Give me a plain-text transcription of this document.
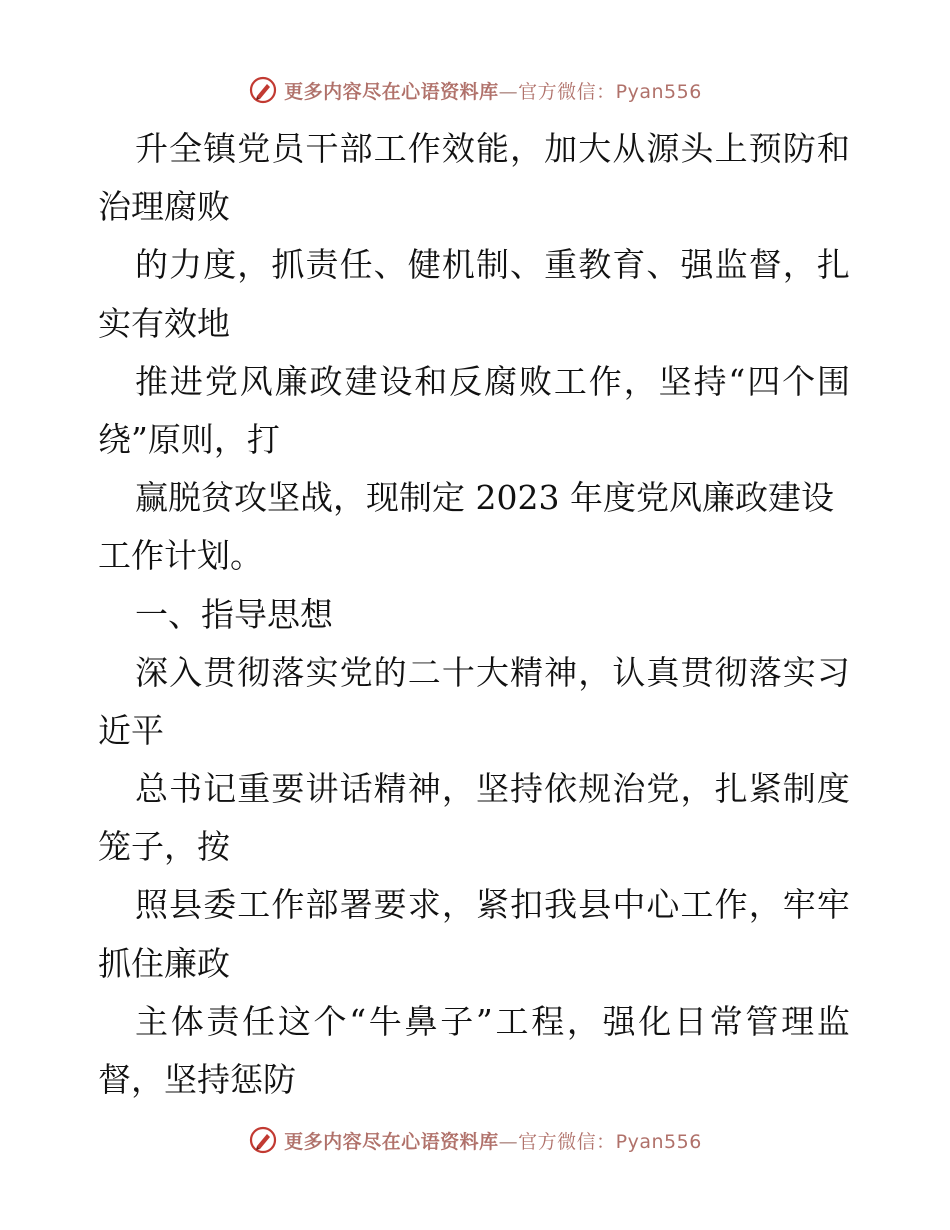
更多内容尽在心语资料库—官方微信：Pyan556
升 全 镇 党 员 干 部 工 作 效 能 ， 加 大 从 源 头 上 预 防 和
治理腐败
的 力 度 ， 抓 责 任 、 健 机 制 、 重 教 育 、 强 监 督 ， 扎
实有效地
推 进 党 风 廉 政 建 设 和 反 腐 败 工 作 ， 坚 持 “ 四 个 围
绕”原则，打
赢脱贫攻坚战，现制定 2023 年度党风廉政建设
工作计划。
一、指导思想
深 入 贯 彻 落 实 党 的 二 十 大 精 神 ， 认 真 贯 彻 落 实 习
近平
总 书 记 重 要 讲 话 精 神 ， 坚 持 依 规 治 党 ， 扎 紧 制 度
笼子，按
照 县 委 工 作 部 署 要 求 ， 紧 扣 我 县 中 心 工 作 ， 牢 牢
抓住廉政
主 体 责 任 这 个 “ 牛 鼻 子 ” 工 程 ， 强 化 日 常 管 理 监
督，坚持惩防
更多内容尽在心语资料库—官方微信：Pyan556
